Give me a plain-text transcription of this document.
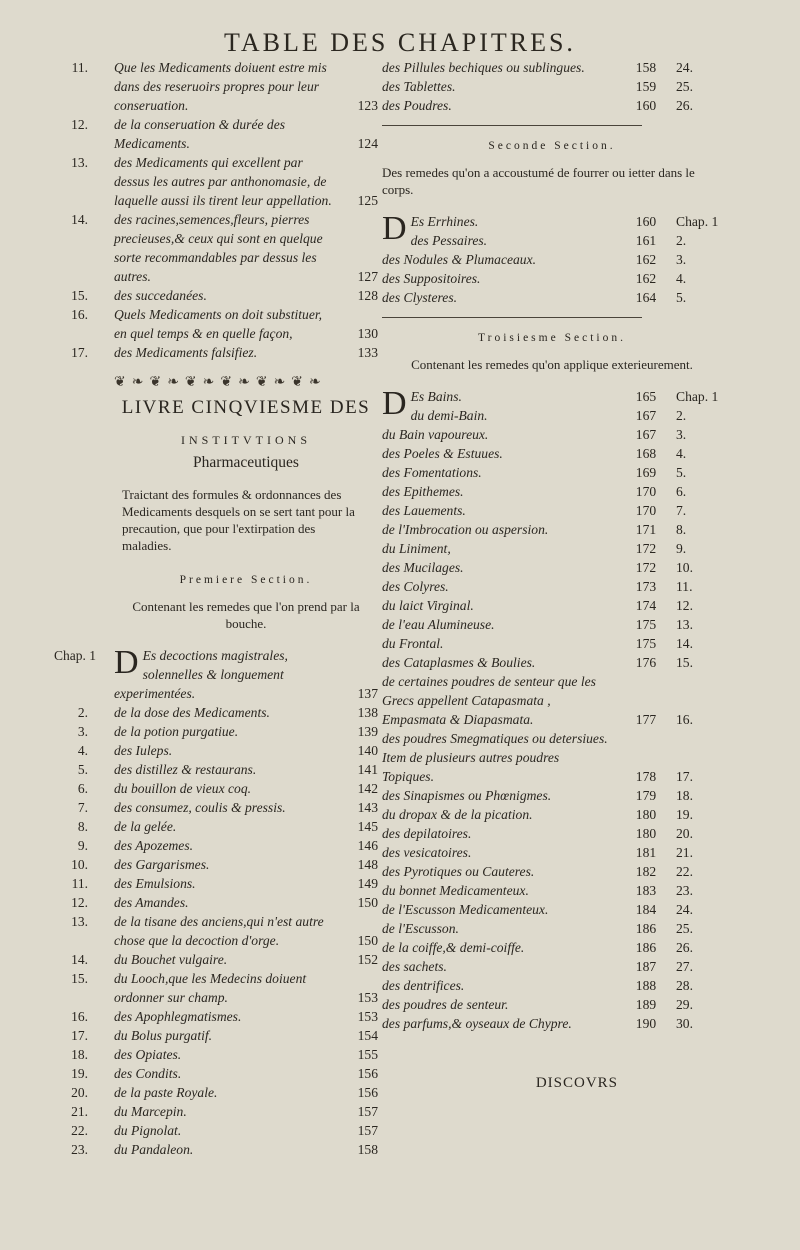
TABLE DES CHAPITRES.
11. Que les Medicaments doiuent estre mis dans des reseruoirs propres pour leur conseruation.	123
12. de la conseruation & durée des Medicaments.	124
13. des Medicaments qui excellent par dessus les autres par anthonomasie, de laquelle aussi ils tirent leur appellation.	125
14. des racines,semences,fleurs, pierres precieuses,& ceux qui sont en quelque sorte recommandables par dessus les autres.	127
15. des succedanées.	128
16. Quels Medicaments on doit substituer, en quel temps & en quelle façon,	130
17. des Medicaments falsifiez.	133
❦❧❦❧❦❧❦❧❦❧❦❧
LIVRE CINQVIESME DES
INSTITVTIONS
Pharmaceutiques
Traictant des formules & ordonnances des Medicaments desquels on se sert tant pour la precaution, que pour l'extirpation des maladies.
Premiere Section.
Contenant les remedes que l'on prend par la bouche.
Chap. 1 D Es decoctions magistrales, solennelles & longuement experimentées.	137
2. de la dose des Medicaments.	138
3. de la potion purgatiue.	139
4. des Iuleps.	140
5. des distillez & restaurans.	141
6. du bouillon de vieux coq.	142
7. des consumez, coulis & pressis.	143
8. de la gelée.	145
9. des Apozemes.	146
10. des Gargarismes.	148
11. des Emulsions.	149
12. des Amandes.	150
13. de la tisane des anciens,qui n'est autre chose que la decoction d'orge.	150
14. du Bouchet vulgaire.	152
15. du Looch,que les Medecins doiuent ordonner sur champ.	153
16. des Apophlegmatismes.	153
17. du Bolus purgatif.	154
18. des Opiates.	155
19. des Condits.	156
20. de la paste Royale.	156
21. du Marcepin.	157
22. du Pignolat.	157
23. du Pandaleon.	158
des Pillules bechiques ou sublingues.	158	24.
des Tablettes.	159	25.
des Poudres.	160	26.
Seconde Section.
Des remedes qu'on a accoustumé de fourrer ou ietter dans le corps.
D Es Errhines.	160	Chap. 1
des Pessaires.	161	2.
des Nodules & Plumaceaux.	162	3.
des Suppositoires.	162	4.
des Clysteres.	164	5.
Troisiesme Section.
Contenant les remedes qu'on applique exterieurement.
D Es Bains.	165	Chap. 1
du demi-Bain.	167	2.
du Bain vapoureux.	167	3.
des Poeles & Estuues.	168	4.
des Fomentations.	169	5.
des Epithemes.	170	6.
des Lauements.	170	7.
de l'Imbrocation ou aspersion.	171	8.
du Liniment,	172	9.
des Mucilages.	172	10.
des Colyres.	173	11.
du laict Virginal.	174	12.
de l'eau Alumineuse.	175	13.
du Frontal.	175	14.
des Cataplasmes & Boulies.	176	15.
de certaines poudres de senteur que les Grecs appellent Catapasmata , Empasmata & Diapasmata.	177	16.
des poudres Smegmatiques ou detersiues. Item de plusieurs autres poudres Topiques.	178	17.
des Sinapismes ou Phœnigmes.	179	18.
du dropax & de la pication.	180	19.
des depilatoires.	180	20.
des vesicatoires.	181	21.
des Pyrotiques ou Cauteres.	182	22.
du bonnet Medicamenteux.	183	23.
de l'Escusson Medicamenteux.	184	24.
de l'Escusson.	186	25.
de la coiffe,& demi-coiffe.	186	26.
des sachets.	187	27.
des dentrifices.	188	28.
des poudres de senteur.	189	29.
des parfums,& oyseaux de Chypre.	190	30.
DISCOVRS
